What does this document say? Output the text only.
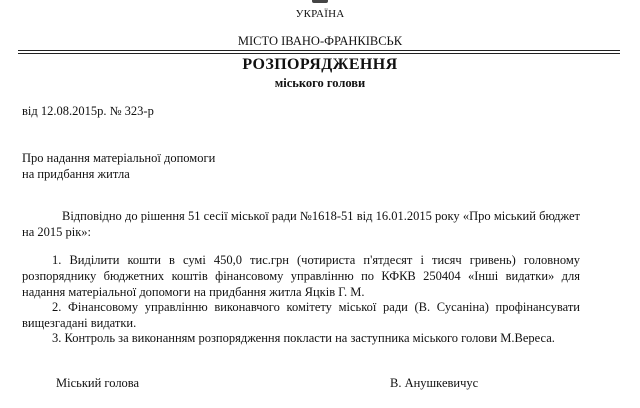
УКРАЇНА
МІСТО ІВАНО-ФРАНКІВСЬК
РОЗПОРЯДЖЕННЯ
міського голови
від 12.08.2015р. № 323-р
Про надання матеріальної допомоги
на придбання житла
Відповідно до рішення 51 сесії міської ради №1618-51 від 16.01.2015 року «Про міський бюджет на 2015 рік»:
1. Виділити кошти в сумі 450,0 тис.грн (чотириста п'ятдесят і тисяч гривень) головному розпоряднику бюджетних коштів фінансовому управлінню по КФКВ 250404 «Інші видатки» для надання матеріальної допомоги на придбання житла Яцків Г. М.
2. Фінансовому управлінню виконавчого комітету міської ради (В. Сусаніна) профінансувати вищезгадані видатки.
3. Контроль за виконанням розпорядження покласти на заступника міського голови М.Вереса.
Міський голова	В. Анушкевичус
